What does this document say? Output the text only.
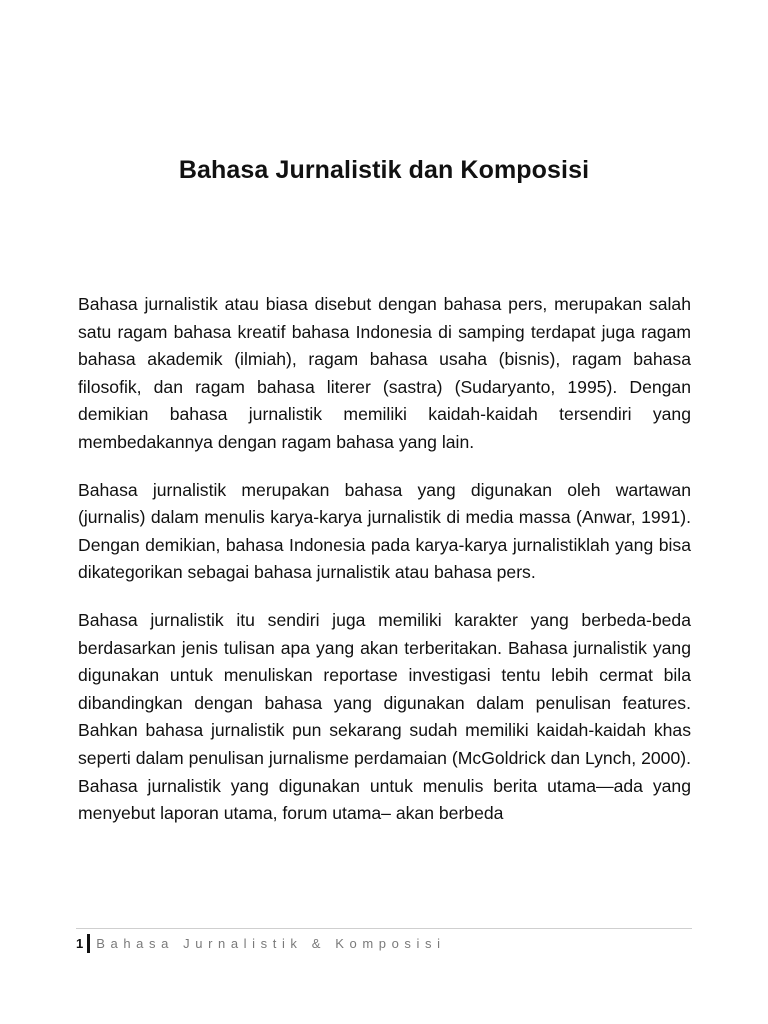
Bahasa Jurnalistik dan Komposisi

Bahasa jurnalistik atau biasa disebut dengan bahasa pers, merupakan salah satu ragam bahasa kreatif bahasa Indonesia di samping terdapat juga ragam bahasa akademik (ilmiah), ragam bahasa usaha (bisnis), ragam bahasa filosofik, dan ragam bahasa literer (sastra) (Sudaryanto, 1995). Dengan demikian bahasa jurnalistik memiliki kaidah-kaidah tersendiri yang membedakannya dengan ragam bahasa yang lain.

Bahasa jurnalistik merupakan bahasa yang digunakan oleh wartawan (jurnalis) dalam menulis karya-karya jurnalistik di media massa (Anwar, 1991). Dengan demikian, bahasa Indonesia pada karya-karya jurnalistiklah yang bisa dikategorikan sebagai bahasa jurnalistik atau bahasa pers.

Bahasa jurnalistik itu sendiri juga memiliki karakter yang berbeda-beda berdasarkan jenis tulisan apa yang akan terberitakan. Bahasa jurnalistik yang digunakan untuk menuliskan reportase investigasi tentu lebih cermat bila dibandingkan dengan bahasa yang digunakan dalam penulisan features. Bahkan bahasa jurnalistik pun sekarang sudah memiliki kaidah-kaidah khas seperti dalam penulisan jurnalisme perdamaian (McGoldrick dan Lynch, 2000). Bahasa jurnalistik yang digunakan untuk menulis berita utama—ada yang menyebut laporan utama, forum utama– akan berbeda

1 Bahasa Jurnalistik & Komposisi
